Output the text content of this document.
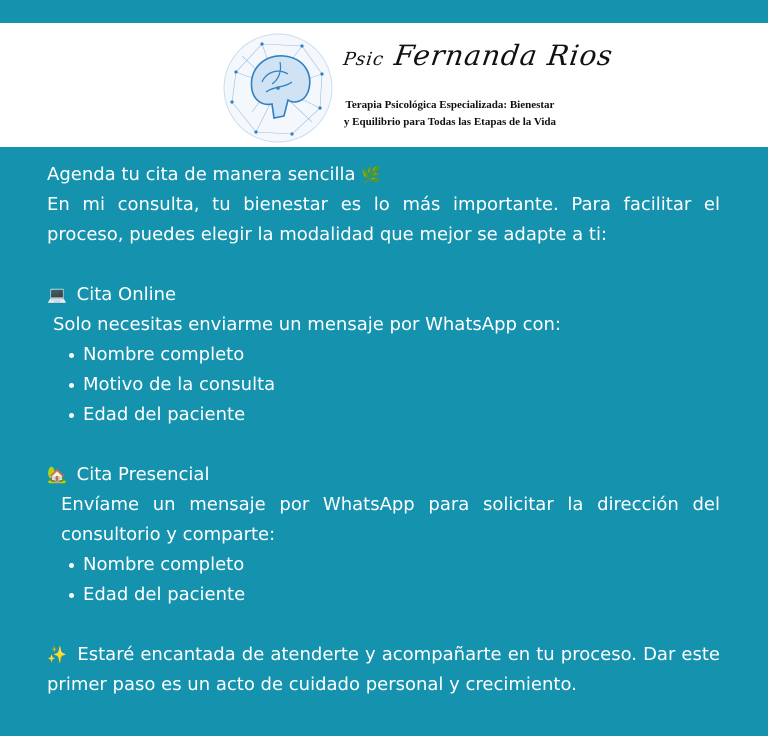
Psic Fernanda Rios
Terapia Psicológica Especializada: Bienestar y Equilibrio para Todas las Etapas de la Vida

Agenda tu cita de manera sencilla 🌿

En mi consulta, tu bienestar es lo más importante. Para facilitar el proceso, puedes elegir la modalidad que mejor se adapte a ti:

💻 Cita Online

Solo necesitas enviarme un mensaje por WhatsApp con:

Nombre completo
Motivo de la consulta
Edad del paciente

🏡 Cita Presencial

Envíame un mensaje por WhatsApp para solicitar la dirección del consultorio y comparte:

Nombre completo
Edad del paciente

✨ Estaré encantada de atenderte y acompañarte en tu proceso. Dar este primer paso es un acto de cuidado personal y crecimiento.
